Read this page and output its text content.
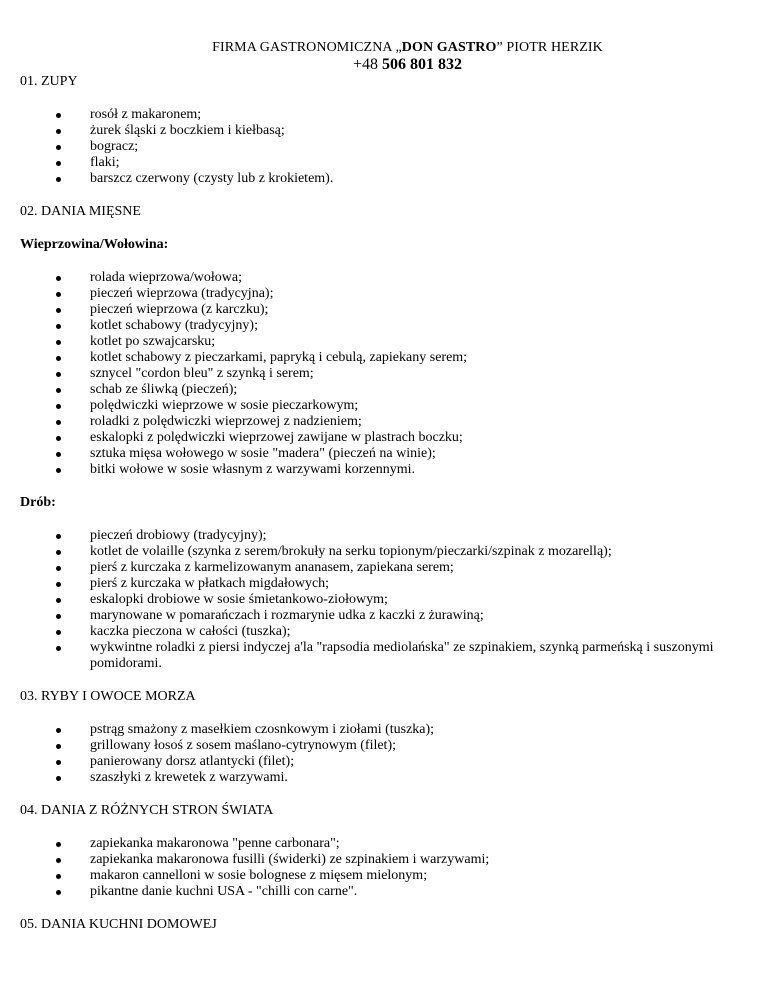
FIRMA GASTRONOMICZNA „DON GASTRO” PIOTR HERZIK
+48 506 801 832
01. ZUPY
rosół z makaronem;
żurek śląski z boczkiem i kiełbasą;
bogracz;
flaki;
barszcz czerwony (czysty lub z krokietem).
02. DANIA MIĘSNE
Wieprzowina/Wołowina:
rolada wieprzowa/wołowa;
pieczeń wieprzowa (tradycyjna);
pieczeń wieprzowa (z karczku);
kotlet schabowy (tradycyjny);
kotlet po szwajcarsku;
kotlet schabowy z pieczarkami, papryką i cebulą, zapiekany serem;
sznycel "cordon bleu" z szynką i serem;
schab ze śliwką (pieczeń);
polędwiczki wieprzowe w sosie pieczarkowym;
roladki z polędwiczki wieprzowej z nadzieniem;
eskalopki z polędwiczki wieprzowej zawijane w plastrach boczku;
sztuka mięsa wołowego w sosie "madera" (pieczeń na winie);
bitki wołowe w sosie własnym z warzywami korzennymi.
Drób:
pieczeń drobiowy (tradycyjny);
kotlet de volaille (szynka z serem/brokuły na serku topionym/pieczarki/szpinak z mozarellą);
pierś z kurczaka z karmelizowanym ananasem, zapiekana serem;
pierś z kurczaka w płatkach migdałowych;
eskalopki drobiowe w sosie śmietankowo-ziołowym;
marynowane w pomarańczach i rozmarynie udka z kaczki z żurawiną;
kaczka pieczona w całości (tuszka);
wykwintne roladki z piersi indyczej a'la "rapsodia mediolańska" ze szpinakiem, szynką parmeńską i suszonymi pomidorami.
03. RYBY I OWOCE MORZA
pstrąg smażony z masełkiem czosnkowym i ziołami (tuszka);
grillowany łosoś z sosem maślano-cytrynowym (filet);
panierowany dorsz atlantycki (filet);
szaszłyki z krewetek z warzywami.
04. DANIA Z RÓŻNYCH STRON ŚWIATA
zapiekanka makaronowa "penne carbonara";
zapiekanka makaronowa fusilli (świderki) ze szpinakiem i warzywami;
makaron cannelloni w sosie bolognese z mięsem mielonym;
pikantne danie kuchni USA - "chilli con carne".
05. DANIA KUCHNI DOMOWEJ
